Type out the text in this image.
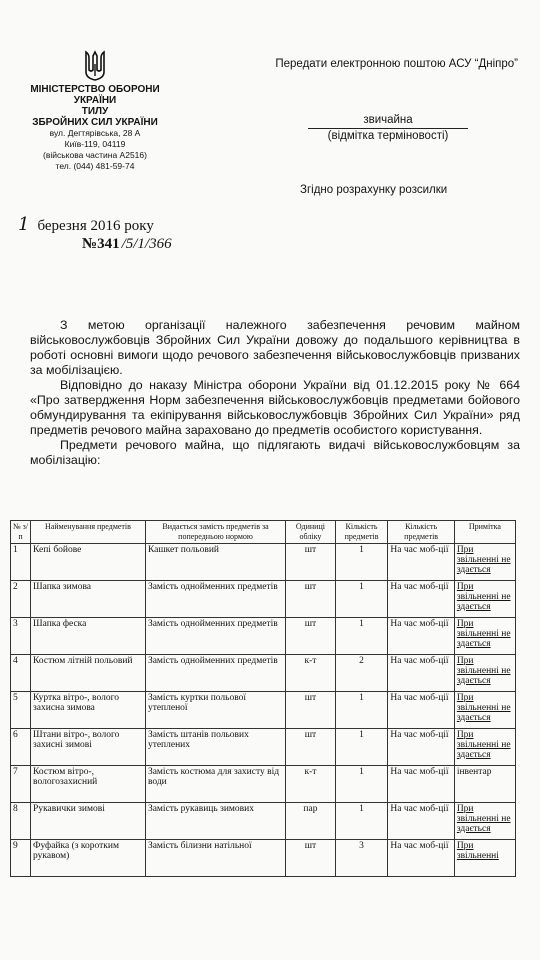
МІНІСТЕРСТВО ОБОРОНИ
УКРАЇНИ
ТИЛУ
ЗБРОЙНИХ СИЛ УКРАЇНИ
вул. Дегтярівська, 28 А
Київ-119, 04119
(військова частина А2516)
тел. (044) 481-59-74
Передати електронною поштою АСУ “Дніпро”
звичайна
(відмітка терміновості)
Згідно розрахунку розсилки
1 березня 2016 року
№341 /5/1/366

З метою організації належного забезпечення речовим майном військовослужбовців Збройних Сил України довожу до подальшого керівництва в роботі основні вимоги щодо речового забезпечення військовослужбовців призваних за мобілізацією.

Відповідно до наказу Міністра оборони України від 01.12.2015 року № 664 «Про затвердження Норм забезпечення військовослужбовців предметами бойового обмундирування та екіпірування військовослужбовців Збройних Сил України» ряд предметів речового майна зараховано до предметів особистого користування.

Предмети речового майна, що підлягають видачі військовослужбовцям за мобілізацію:

№ з/п	Найменування предметів	Видається замість предметів за попередньою нормою	Одиниці обліку	Кількість предметів	Кількість предметів	Примітка
1	Кепі бойове	Кашкет польовий	шт	1	На час моб-ції	При звільненні не здається
2	Шапка зимова	Замість однойменних предметів	шт	1	На час моб-ції	При звільненні не здається
3	Шапка феска	Замість однойменних предметів	шт	1	На час моб-ції	При звільненні не здається
4	Костюм літній польовий	Замість однойменних предметів	к-т	2	На час моб-ції	При звільненні не здається
5	Куртка вітро-, волого захисна зимова	Замість куртки польової утепленої	шт	1	На час моб-ції	При звільненні не здається
6	Штани вітро-, волого захисні зимові	Замість штанів польових утеплених	шт	1	На час моб-ції	При звільненні не здається
7	Костюм вітро-, вологозахисний	Замість костюма для захисту від води	к-т	1	На час моб-ції	інвентар
8	Рукавички зимові	Замість рукавиць зимових	пар	1	На час моб-ції	При звільненні не здається
9	Фуфайка (з коротким рукавом)	Замість білизни натільної	шт	3	На час моб-ції	При звільненні
